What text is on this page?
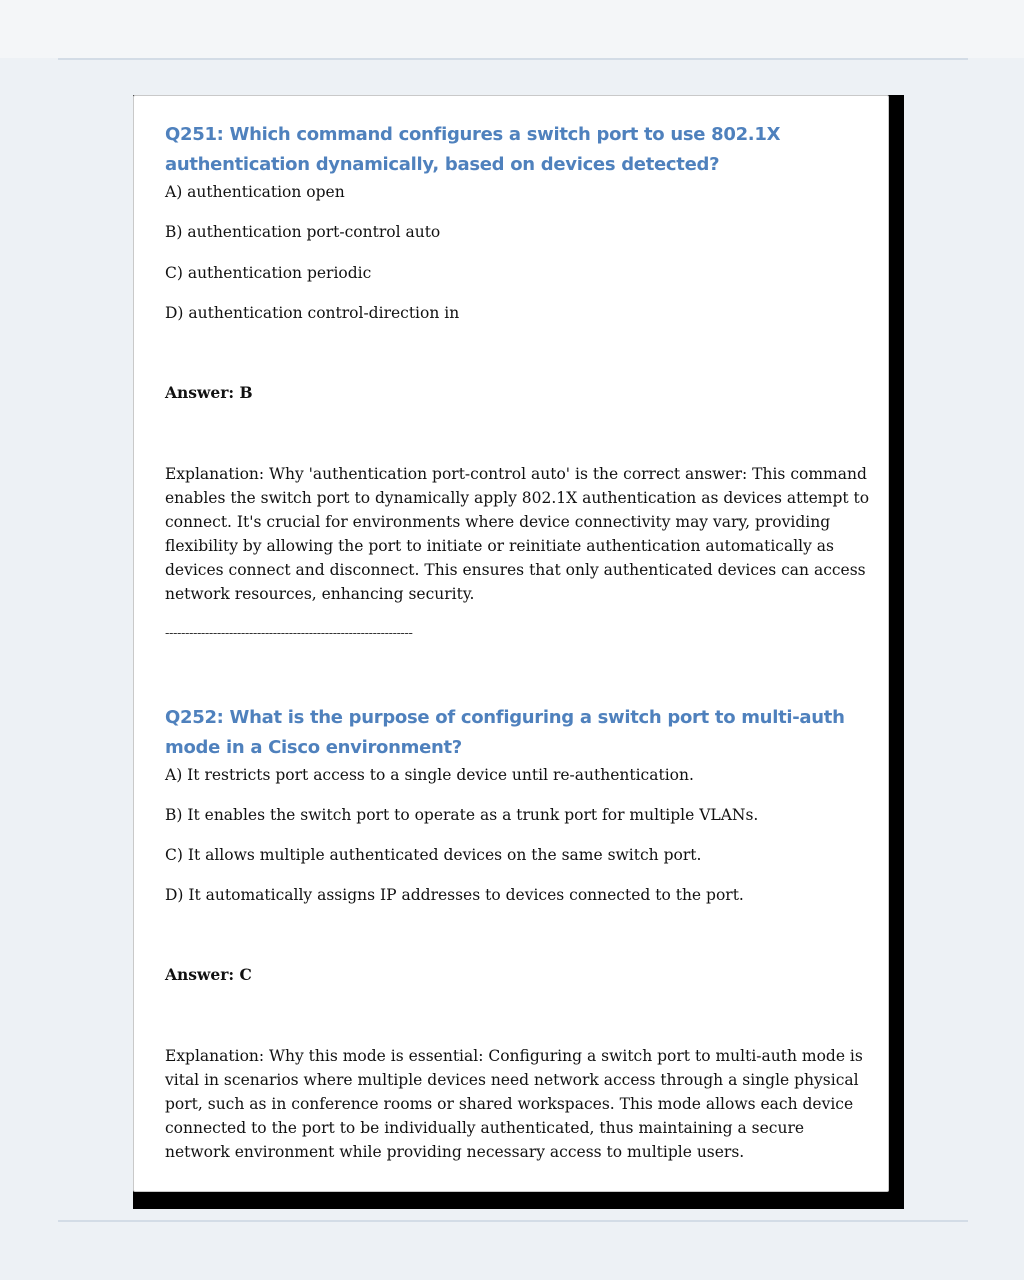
Q251: Which command configures a switch port to use 802.1X authentication dynamically, based on devices detected?

A) authentication open

B) authentication port-control auto

C) authentication periodic

D) authentication control-direction in

Answer: B

Explanation: Why 'authentication port-control auto' is the correct answer: This command enables the switch port to dynamically apply 802.1X authentication as devices attempt to connect. It's crucial for environments where device connectivity may vary, providing flexibility by allowing the port to initiate or reinitiate authentication automatically as devices connect and disconnect. This ensures that only authenticated devices can access network resources, enhancing security.

--------------------------------------------------------------

Q252: What is the purpose of configuring a switch port to multi-auth mode in a Cisco environment?

A) It restricts port access to a single device until re-authentication.

B) It enables the switch port to operate as a trunk port for multiple VLANs.

C) It allows multiple authenticated devices on the same switch port.

D) It automatically assigns IP addresses to devices connected to the port.

Answer: C

Explanation: Why this mode is essential: Configuring a switch port to multi-auth mode is vital in scenarios where multiple devices need network access through a single physical port, such as in conference rooms or shared workspaces. This mode allows each device connected to the port to be individually authenticated, thus maintaining a secure network environment while providing necessary access to multiple users.
